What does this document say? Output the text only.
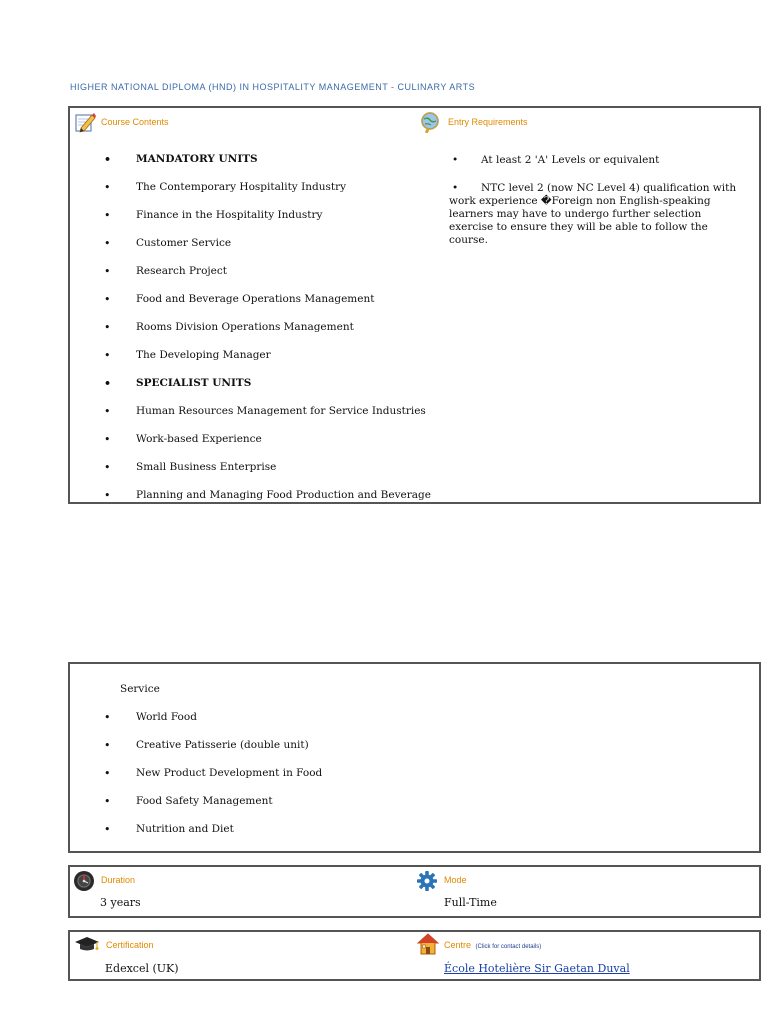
HIGHER NATIONAL DIPLOMA (HND) IN HOSPITALITY MANAGEMENT - CULINARY ARTS
Course Contents
• MANDATORY UNITS
• The Contemporary Hospitality Industry
• Finance in the Hospitality Industry
• Customer Service
• Research Project
• Food and Beverage Operations Management
• Rooms Division Operations Management
• The Developing Manager
• SPECIALIST UNITS
• Human Resources Management for Service Industries
• Work-based Experience
• Small Business Enterprise
• Planning and Managing Food Production and Beverage
Entry Requirements
• At least 2 'A' Levels or equivalent
• NTC level 2 (now NC Level 4) qualification with work experience �Foreign non English-speaking learners may have to undergo further selection exercise to ensure they will be able to follow the course.
Service
• World Food
• Creative Patisserie (double unit)
• New Product Development in Food
• Food Safety Management
• Nutrition and Diet
Duration
3 years
Mode
Full-Time
Certification
Edexcel (UK)
Centre (Click for contact details)
École Hotelière Sir Gaetan Duval
